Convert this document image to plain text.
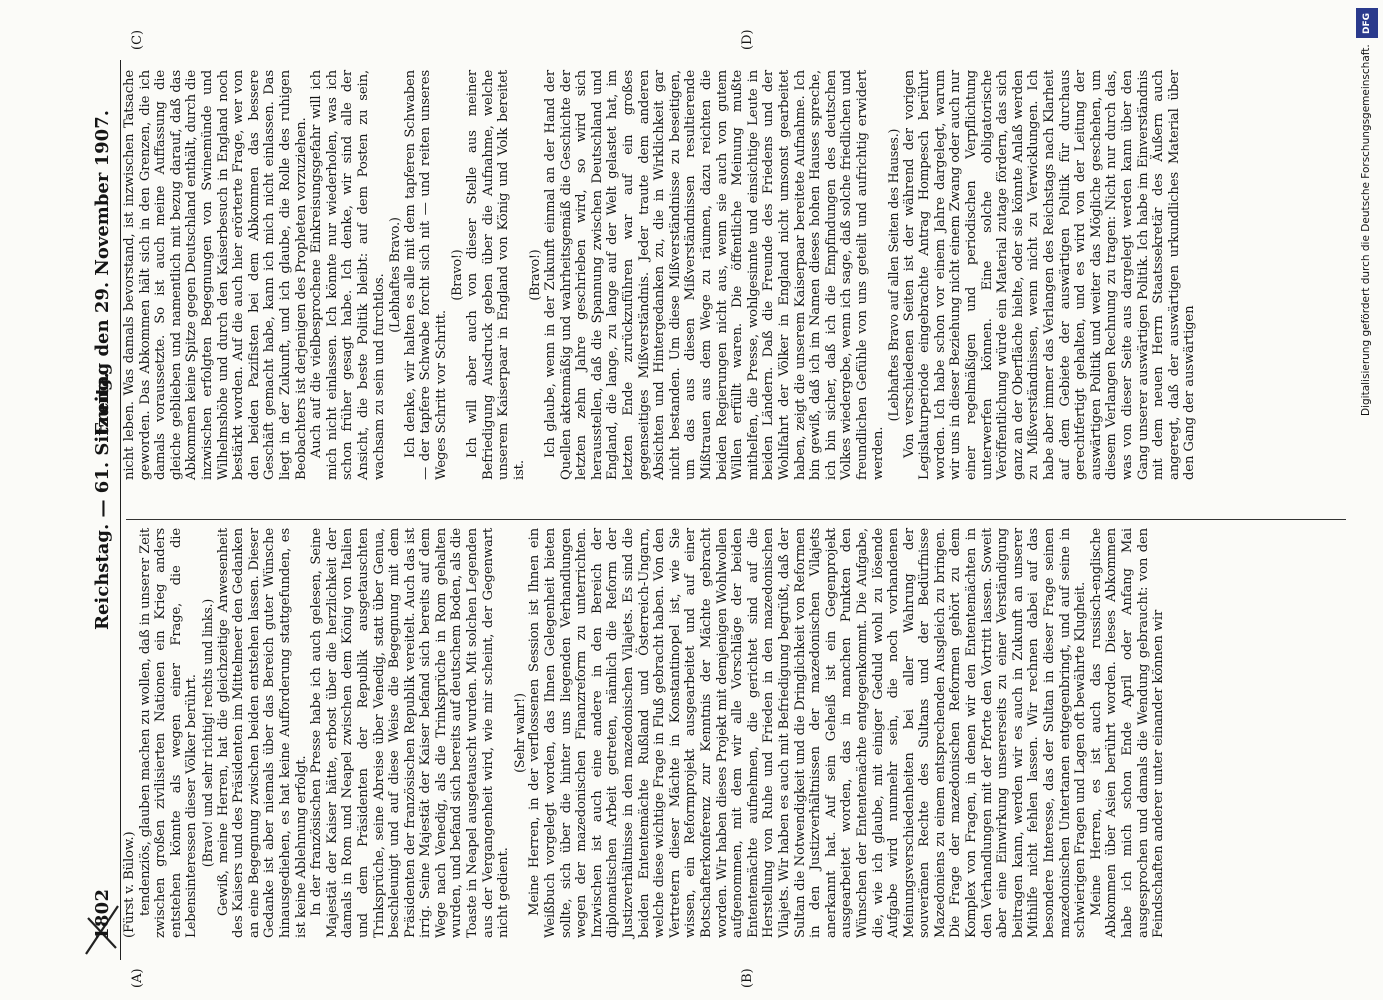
1802
Reichstag. — 61. Sitzung.
Freitag den 29. November 1907.
(A)	(B)
(C)	(D)

(Fürst v. Bülow.) tendenziös, glauben machen zu wollen, daß in unserer Zeit zwischen großen zivilisierten Nationen ein Krieg anders entstehen könnte als wegen einer Frage, die die Lebensinteressen dieser Völker berührt. (Bravo! und sehr richtig! rechts und links.) Gewiß, meine Herren, hat die gleichzeitige Anwesenheit des Kaisers und des Präsidenten im Mittelmeer den Gedanken an eine Begegnung zwischen beiden entstehen lassen. Dieser Gedanke ist aber niemals über das Bereich guter Wünsche hinausgediehen, es hat keine Aufforderung stattgefunden, es ist keine Ablehnung erfolgt. In der französischen Presse habe ich auch gelesen, Seine Majestät der Kaiser hätte, erbost über die herzlichkeit der damals in Rom und Neapel zwischen dem König von Italien und dem Präsidenten der Republik ausgetauschten Trinksprüche, seine Abreise über Venedig, statt über Genua, beschleunigt und auf diese Weise die Begegnung mit dem Präsidenten der französischen Republik vereitelt. Auch das ist irrig. Seine Majestät der Kaiser befand sich bereits auf dem Wege nach Venedig, als die Trinksprüche in Rom gehalten wurden, und befand sich bereits auf deutschem Boden, als die Toaste in Neapel ausgetauscht wurden. Mit solchen Legenden aus der Vergangenheit wird, wie mir scheint, der Gegenwart nicht gedient.

(Sehr wahr!) Meine Herren, in der verflossenen Session ist Ihnen ein Weißbuch vorgelegt worden, das Ihnen Gelegenheit bieten sollte, sich über die hinter uns liegenden Verhandlungen wegen der mazedonischen Finanzreform zu unterrichten. Inzwischen ist auch eine andere in den Bereich der diplomatischen Arbeit getreten, nämlich die Reform der Justizverhältnisse in den mazedonischen Vilajets. Es sind die beiden Ententemächte Rußland und Österreich-Ungarn, welche diese wichtige Frage in Fluß gebracht haben. Von den Vertretern dieser Mächte in Konstantinopel ist, wie Sie wissen, ein Reformprojekt ausgearbeitet und auf einer Botschafterkonferenz zur Kenntnis der Mächte gebracht worden. Wir haben dieses Projekt mit demjenigen Wohlwollen aufgenommen, mit dem wir alle Vorschläge der beiden Ententemächte aufnehmen, die gerichtet sind auf die Herstellung von Ruhe und Frieden in den mazedonischen Vilajets. Wir haben es auch mit Befriedigung begrüßt, daß der Sultan die Notwendigkeit und die Dringlichkeit von Reformen in den Justizverhältnissen der mazedonischen Vilajets anerkannt hat. Auf sein Geheiß ist ein Gegenprojekt ausgearbeitet worden, das in manchen Punkten den Wünschen der Ententemächte entgegenkommt. Die Aufgabe, die, wie ich glaube, mit einiger Geduld wohl zu lösende Aufgabe wird nunmehr sein, die noch vorhandenen Meinungsverschiedenheiten bei aller Wahrung der souveränen Rechte des Sultans und der Bedürfnisse Mazedoniens zu einem entsprechenden Ausgleich zu bringen. Die Frage der mazedonischen Reformen gehört zu dem Komplex von Fragen, in denen wir den Ententemächten in den Verhandlungen mit der Pforte den Vortritt lassen. Soweit aber eine Einwirkung unsererseits zu einer Verständigung beitragen kann, werden wir es auch in Zukunft an unserer Mithilfe nicht fehlen lassen. Wir rechnen dabei auf das besondere Interesse, das der Sultan in dieser Frage seinen mazedonischen Untertanen entgegenbringt, und auf seine in schwierigen Fragen und Lagen oft bewährte Klugheit. Meine Herren, es ist auch das russisch-englische Abkommen über Asien berührt worden. Dieses Abkommen habe ich mich schon Ende April oder Anfang Mai ausgesprochen und damals die Wendung gebraucht: von den Feindschaften anderer unter einander können wir

nicht leben. Was damals bevorstand, ist inzwischen Tatsache geworden. Das Abkommen hält sich in den Grenzen, die ich damals voraussetzte. So ist auch meine Auffassung die gleiche geblieben und namentlich mit bezug darauf, daß das Abkommen keine Spitze gegen Deutschland enthält, durch die inzwischen erfolgten Begegnungen von Swinemünde und Wilhelmshöhe und durch den Kaiserbesuch in England noch bestärkt worden. Auf die auch hier erörterte Frage, wer von den beiden Pazifisten bei dem Abkommen das bessere Geschäft gemacht habe, kann ich mich nicht einlassen. Das liegt in der Zukunft, und ich glaube, die Rolle des ruhigen Beobachters ist derjenigen des Propheten vorzuziehen. Auch auf die vielbesprochene Einkreisungsgefahr will ich mich nicht einlassen. Ich könnte nur wiederholen, was ich schon früher gesagt habe. Ich denke, wir sind alle der Ansicht, die beste Politik bleibt: auf dem Posten zu sein, wachsam zu sein und furchtlos. (Lebhaftes Bravo.) Ich denke, wir halten es alle mit dem tapferen Schwaben — der tapfere Schwabe forcht sich nit — und reiten unseres Weges Schritt vor Schritt.

(Bravo!) Ich will aber auch von dieser Stelle aus meiner Befriedigung Ausdruck geben über die Aufnahme, welche unserem Kaiserpaar in England von König und Volk bereitet ist.

(Bravo!) Ich glaube, wenn in der Zukunft einmal an der Hand der Quellen aktenmäßig und wahrheitsgemäß die Geschichte der letzten zehn Jahre geschrieben wird, so wird sich herausstellen, daß die Spannung zwischen Deutschland und England, die lange, zu lange auf der Welt gelastet hat, im letzten Ende zurückzuführen war auf ein großes gegenseitiges Mißverständnis. Jeder traute dem anderen Absichten und Hintergedanken zu, die in Wirklichkeit gar nicht bestanden. Um diese Mißverständnisse zu beseitigen, um das aus diesen Mißverständnissen resultierende Mißtrauen aus dem Wege zu räumen, dazu reichten die beiden Regierungen nicht aus, wenn sie auch von gutem Willen erfüllt waren. Die öffentliche Meinung mußte mithelfen, die Presse, wohlgesinnte und einsichtige Leute in beiden Ländern. Daß die Freunde des Friedens und der Wohlfahrt der Völker in England nicht umsonst gearbeitet haben, zeigt die unserem Kaiserpaar bereitete Aufnahme. Ich bin gewiß, daß ich im Namen dieses hohen Hauses spreche, ich bin sicher, daß ich die Empfindungen des deutschen Volkes wiedergebe, wenn ich sage, daß solche friedlichen und freundlichen Gefühle von uns geteilt und aufrichtig erwidert werden.

(Lebhaftes Bravo auf allen Seiten des Hauses.) Von verschiedenen Seiten ist der während der vorigen Legislaturperiode eingebrachte Antrag Hompesch berührt worden. Ich habe schon vor einem Jahre dargelegt, warum wir uns in dieser Beziehung nicht einem Zwang oder auch nur einer regelmäßigen und periodischen Verpflichtung unterwerfen können. Eine solche obligatorische Veröffentlichung würde ein Material zutage fördern, das sich ganz an der Oberfläche hielte, oder sie könnte Anlaß werden zu Mißverständnissen, wenn nicht zu Verwicklungen. Ich habe aber immer das Verlangen des Reichstags nach Klarheit auf dem Gebiete der auswärtigen Politik für durchaus gerechtfertigt gehalten, und es wird von der Leitung der auswärtigen Politik und weiter das Mögliche geschehen, um diesem Verlangen Rechnung zu tragen: Nicht nur durch das, was von dieser Seite aus dargelegt werden kann über den Gang unserer auswärtigen Politik. Ich habe im Einverständnis mit dem neuen Herrn Staatssekretär des Äußern auch angeregt, daß der auswärtigen urkundliches Material über den Gang der auswärtigen

DFG
Digitalisierung gefördert durch die Deutsche Forschungsgemeinschaft.
